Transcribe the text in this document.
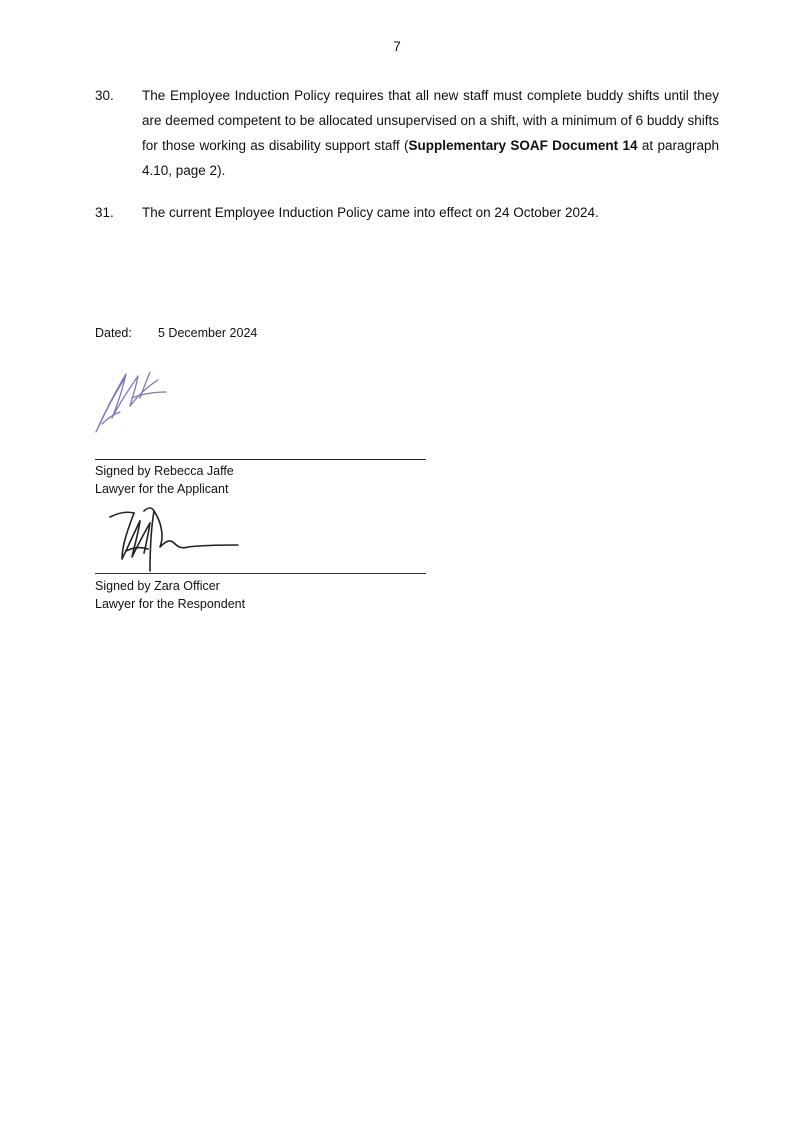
7
30. The Employee Induction Policy requires that all new staff must complete buddy shifts until they are deemed competent to be allocated unsupervised on a shift, with a minimum of 6 buddy shifts for those working as disability support staff (Supplementary SOAF Document 14 at paragraph 4.10, page 2).
31. The current Employee Induction Policy came into effect on 24 October 2024.
Dated: 5 December 2024
Signed by Rebecca Jaffe
Lawyer for the Applicant
Signed by Zara Officer
Lawyer for the Respondent
